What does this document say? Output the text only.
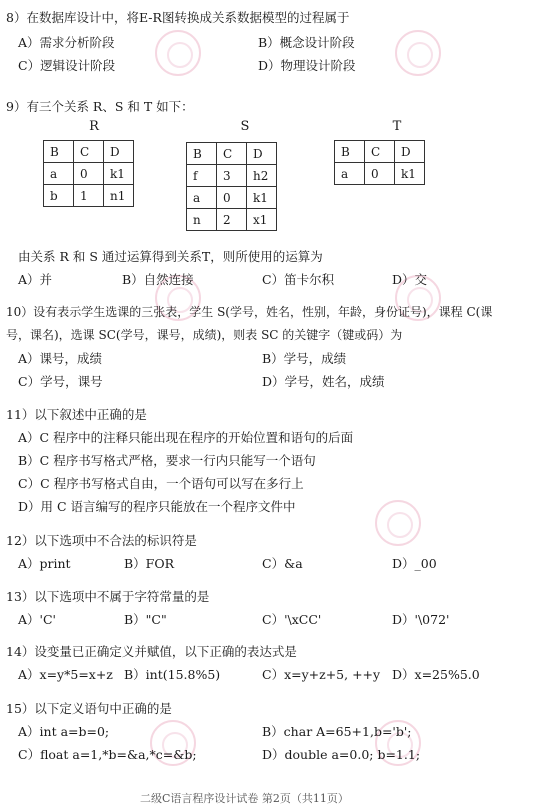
8）在数据库设计中，将E-R图转换成关系数据模型的过程属于
A）需求分析阶段	B）概念设计阶段
C）逻辑设计阶段	D）物理设计阶段
9）有三个关系 R、S 和 T 如下：
R
B	C	D
a	0	k1
b	1	n1
S
B	C	D
f	3	h2
a	0	k1
n	2	x1
T
B	C	D
a	0	k1
由关系 R 和 S 通过运算得到关系T，则所使用的运算为
A）并	B）自然连接	C）笛卡尔积	D）交
10）设有表示学生选课的三张表，学生 S(学号，姓名，性别，年龄，身份证号)，课程 C(课
号，课名)，选课 SC(学号，课号，成绩)，则表 SC 的关键字（键或码）为
A）课号，成绩	B）学号，成绩
C）学号，课号	D）学号，姓名，成绩
11）以下叙述中正确的是
A）C 程序中的注释只能出现在程序的开始位置和语句的后面
B）C 程序书写格式严格，要求一行内只能写一个语句
C）C 程序书写格式自由，一个语句可以写在多行上
D）用 C 语言编写的程序只能放在一个程序文件中
12）以下选项中不合法的标识符是
A）print	B）FOR	C）&a	D）_00
13）以下选项中不属于字符常量的是
A）'C'	B）"C"	C）'\xCC'	D）'\072'
14）设变量已正确定义并赋值，以下正确的表达式是
A）x=y*5=x+z B）int(15.8%5)	C）x=y+z+5, ++y D）x=25%5.0
15）以下定义语句中正确的是
A）int a=b=0;	B）char A=65+1,b='b';
C）float a=1,*b=&a,*c=&b;	D）double a=0.0; b=1.1;
二级C语言程序设计试卷 第2页（共11页）
